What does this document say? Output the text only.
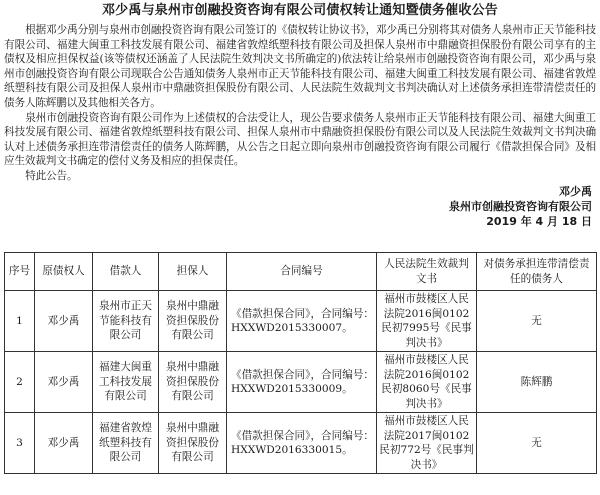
邓少禹与泉州市创融投资咨询有限公司债权转让通知暨债务催收公告

根据邓少禹分别与泉州市创融投资咨询有限公司签订的《债权转让协议书》，邓少禹已分别将其对债务人泉州市正天节能科技有限公司、福建大闽重工科技发展有限公司、福建省敦煌纸塑科技有限公司及担保人泉州市中鼎融资担保股份有限公司享有的主债权及相应担保权益(该等债权还涵盖了人民法院生效判决文书所确定的)依法转让给泉州市创融投资咨询有限公司，邓少禹与泉州市创融投资咨询有限公司现联合公告通知债务人泉州市正天节能科技有限公司、福建大闽重工科技发展有限公司、福建省敦煌纸塑科技有限公司及担保人泉州市中鼎融资担保股份有限公司、人民法院生效裁判文书判决确认对上述债务承担连带清偿责任的债务人陈辉鹏以及其他相关各方。

泉州市创融投资咨询有限公司作为上述债权的合法受让人，现公告要求债务人泉州市正天节能科技有限公司、福建大闽重工科技发展有限公司、福建省敦煌纸塑科技有限公司、担保人泉州市中鼎融资担保股份有限公司以及人民法院生效裁判文书判决确认对上述债务承担连带清偿责任的债务人陈辉鹏，从公告之日起立即向泉州市创融投资咨询有限公司履行《借款担保合同》及相应生效裁判文书确定的偿付义务及相应的担保责任。

特此公告。

邓少禹
泉州市创融投资咨询有限公司
2019 年 4 月 18 日
序号	原债权人	借款人	担保人	合同编号	人民法院生效裁判文书	对债务承担连带清偿责任的债务人
1	邓少禹	泉州市正天节能科技有限公司	泉州中鼎融资担保股份有限公司	《借款担保合同》，合同编号：HXXWD2015330007。	福州市鼓楼区人民法院2016闽0102民初7995号《民事判决书》	无
2	邓少禹	福建大闽重工科技发展有限公司	泉州中鼎融资担保股份有限公司	《借款担保合同》，合同编号：HXXWD2015330009。	福州市鼓楼区人民法院2016闽0102民初8060号《民事判决书》	陈辉鹏
3	邓少禹	福建省敦煌纸塑科技有限公司	泉州中鼎融资担保股份有限公司	《借款担保合同》，合同编号：HXXWD2016330015。	福州市鼓楼区人民法院2017闽0102民初772号《民事判决书》	无
